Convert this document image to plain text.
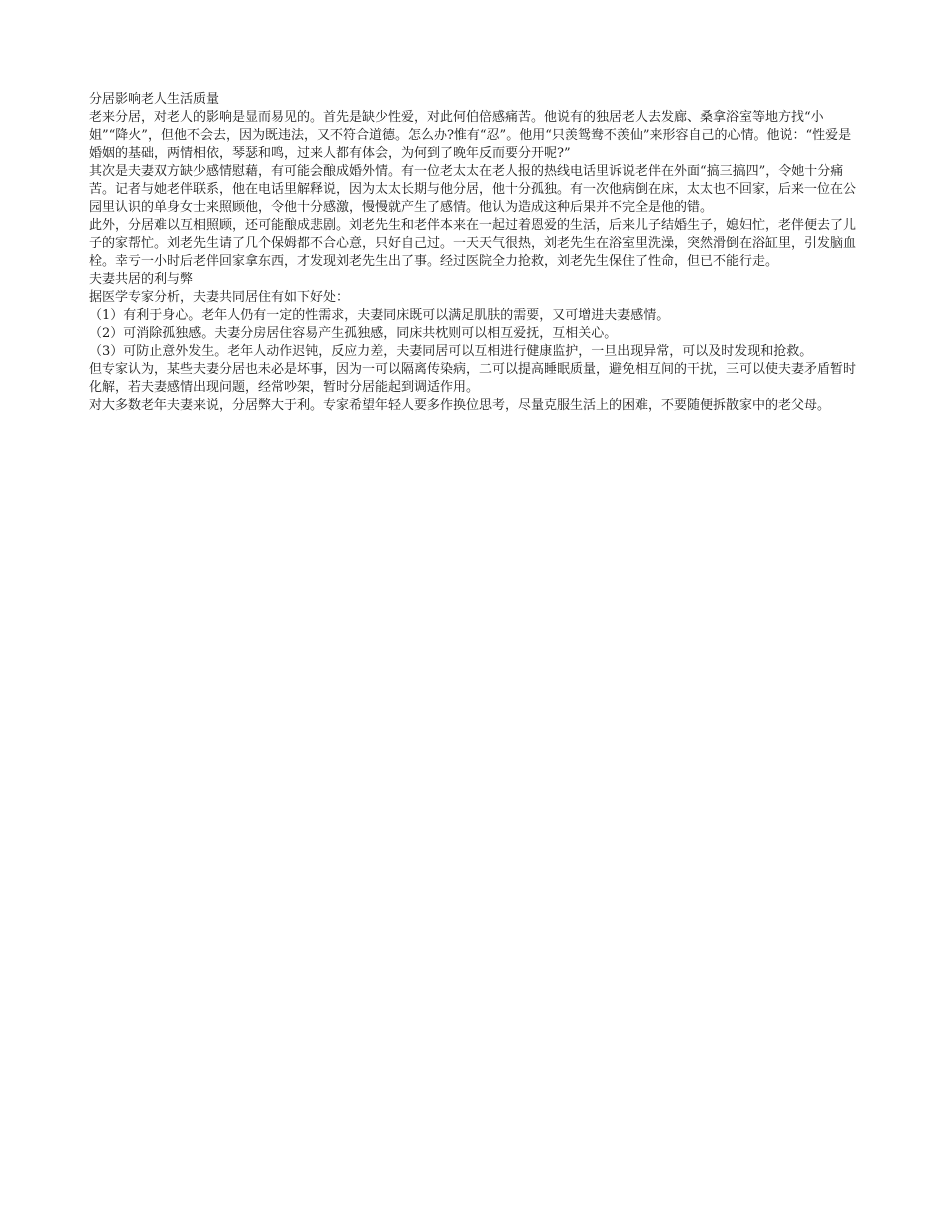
分居影响老人生活质量

老来分居，对老人的影响是显而易见的。首先是缺少性爱，对此何伯倍感痛苦。他说有的独居老人去发廊、桑拿浴室等地方找“小姐”“降火”，但他不会去，因为既违法，又不符合道德。怎么办?惟有“忍”。他用“只羡鸳鸯不羡仙”来形容自己的心情。他说：“性爱是婚姻的基础，两情相依，琴瑟和鸣，过来人都有体会，为何到了晚年反而要分开呢?”

其次是夫妻双方缺少感情慰藉，有可能会酿成婚外情。有一位老太太在老人报的热线电话里诉说老伴在外面“搞三搞四”，令她十分痛苦。记者与她老伴联系，他在电话里解释说，因为太太长期与他分居，他十分孤独。有一次他病倒在床，太太也不回家，后来一位在公园里认识的单身女士来照顾他，令他十分感激，慢慢就产生了感情。他认为造成这种后果并不完全是他的错。

此外，分居难以互相照顾，还可能酿成悲剧。刘老先生和老伴本来在一起过着恩爱的生活，后来儿子结婚生子，媳妇忙，老伴便去了儿子的家帮忙。刘老先生请了几个保姆都不合心意，只好自己过。一天天气很热，刘老先生在浴室里洗澡，突然滑倒在浴缸里，引发脑血栓。幸亏一小时后老伴回家拿东西，才发现刘老先生出了事。经过医院全力抢救，刘老先生保住了性命，但已不能行走。

夫妻共居的利与弊

据医学专家分析，夫妻共同居住有如下好处：

（1）有利于身心。老年人仍有一定的性需求，夫妻同床既可以满足肌肤的需要，又可增进夫妻感情。

（2）可消除孤独感。夫妻分房居住容易产生孤独感，同床共枕则可以相互爱抚，互相关心。

（3）可防止意外发生。老年人动作迟钝，反应力差，夫妻同居可以互相进行健康监护，一旦出现异常，可以及时发现和抢救。

但专家认为，某些夫妻分居也未必是坏事，因为一可以隔离传染病，二可以提高睡眠质量，避免相互间的干扰，三可以使夫妻矛盾暂时化解，若夫妻感情出现问题，经常吵架，暂时分居能起到调适作用。

对大多数老年夫妻来说，分居弊大于利。专家希望年轻人要多作换位思考，尽量克服生活上的困难，不要随便拆散家中的老父母。
